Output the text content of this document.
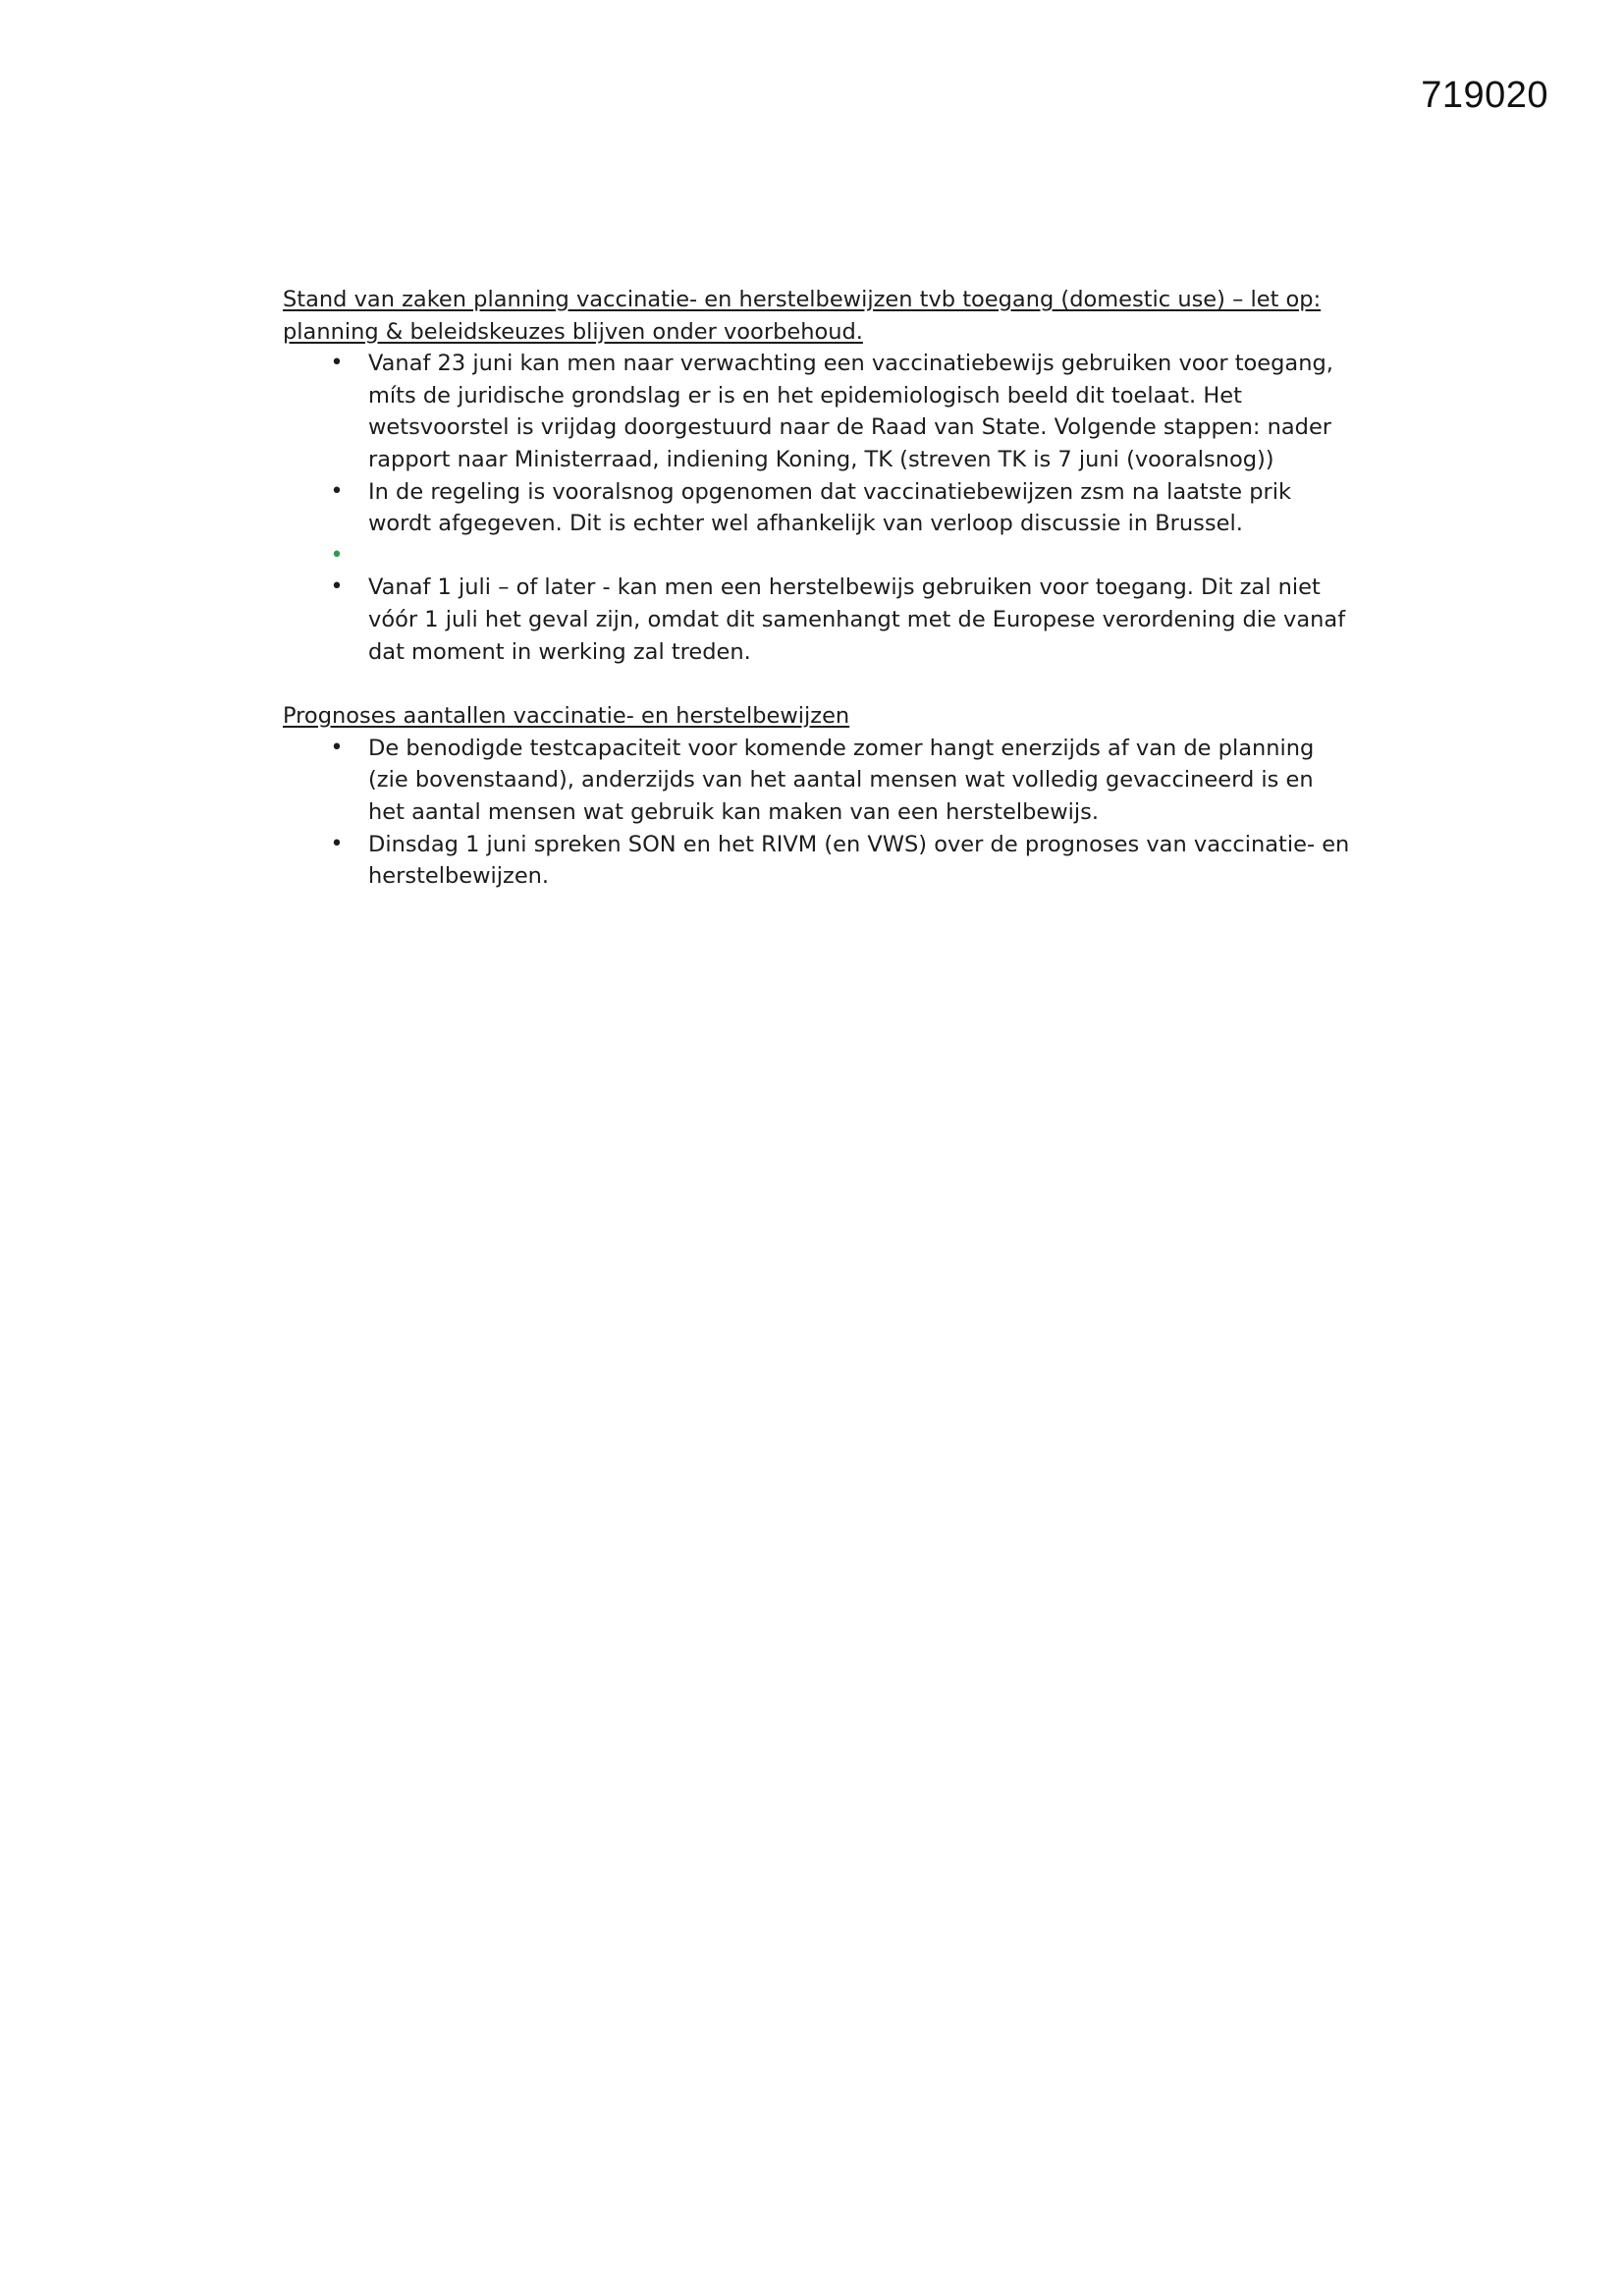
719020

Stand van zaken planning vaccinatie- en herstelbewijzen tvb toegang (domestic use) – let op: planning & beleidskeuzes blijven onder voorbehoud.

• Vanaf 23 juni kan men naar verwachting een vaccinatiebewijs gebruiken voor toegang, míts de juridische grondslag er is en het epidemiologisch beeld dit toelaat. Het wetsvoorstel is vrijdag doorgestuurd naar de Raad van State. Volgende stappen: nader rapport naar Ministerraad, indiening Koning, TK (streven TK is 7 juni (vooralsnog))
• In de regeling is vooralsnog opgenomen dat vaccinatiebewijzen zsm na laatste prik wordt afgegeven. Dit is echter wel afhankelijk van verloop discussie in Brussel.
•
• Vanaf 1 juli – of later - kan men een herstelbewijs gebruiken voor toegang. Dit zal niet vóór 1 juli het geval zijn, omdat dit samenhangt met de Europese verordening die vanaf dat moment in werking zal treden.

Prognoses aantallen vaccinatie- en herstelbewijzen

• De benodigde testcapaciteit voor komende zomer hangt enerzijds af van de planning (zie bovenstaand), anderzijds van het aantal mensen wat volledig gevaccineerd is en het aantal mensen wat gebruik kan maken van een herstelbewijs.
• Dinsdag 1 juni spreken SON en het RIVM (en VWS) over de prognoses van vaccinatie- en herstelbewijzen.
